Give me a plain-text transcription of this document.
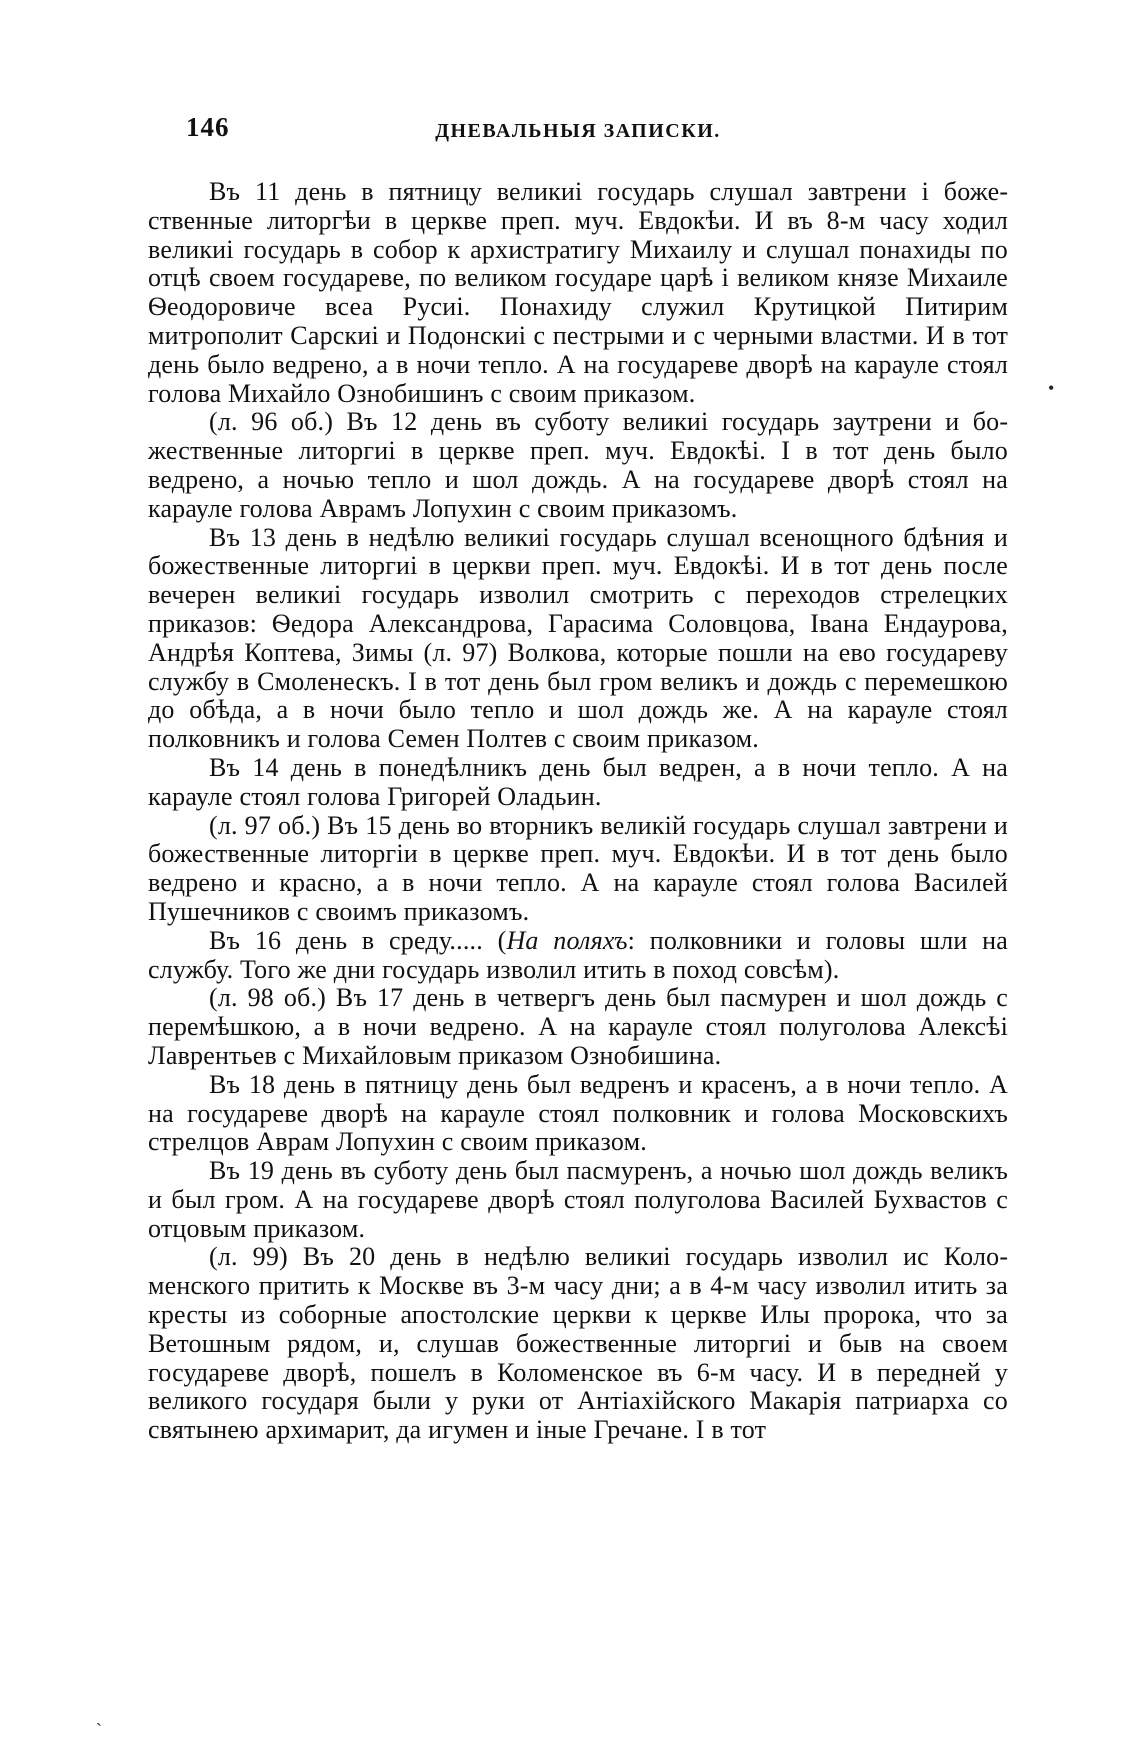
146	ДНЕВАЛЬНЫЯ ЗАПИСКИ.

Въ 11 день в пятницу великиі государь слушал завтрени і божественные литоргѣи в церкве преп. муч. Евдокѣи. И въ 8-м часу ходил великиі государь в собор к архистратигу Михаилу и слушал понахиды по отцѣ своем государеве, по великом государе царѣ і великом князе Михаиле Ѳеодоровиче всеа Русиі. Понахиду служил Крутицкой Питирим митрополит Сарскиі и Подонскиі с пестрыми и с черными властми. И в тот день было ведрено, а в ночи тепло. А на государеве дворѣ на карауле стоял голова Михайло Ознобишинъ с своим приказом.

(л. 96 об.) Въ 12 день въ суботу великиі государь заутрени и божественные литоргиі в церкве преп. муч. Евдокѣі. І в тот день было ведрено, а ночью тепло и шол дождь. А на государеве дворѣ стоял на карауле голова Аврамъ Лопухин с своим приказомъ.

Въ 13 день в недѣлю великиі государь слушал всенощного бдѣния и божественные литоргиі в церкви преп. муч. Евдокѣі. И в тот день после вечерен великиі государь изволил смотрить с переходов стрелецких приказов: Ѳедора Александрова, Гарасима Соловцова, Івана Ендаурова, Андрѣя Коптева, Зимы (л. 97) Волкова, которые пошли на ево государеву службу в Смоленескъ. І в тот день был гром великъ и дождь с перемешкою до обѣда, а в ночи было тепло и шол дождь же. А на карауле стоял полковникъ и голова Семен Полтев с своим приказом.

Въ 14 день в понедѣлникъ день был ведрен, а в ночи тепло. А на карауле стоял голова Григорей Оладьин.

(л. 97 об.) Въ 15 день во вторникъ великій государь слушал завтрени и божественные литоргіи в церкве преп. муч. Евдокѣи. И в тот день было ведрено и красно, а в ночи тепло. А на карауле стоял голова Василей Пушечников с своимъ приказомъ.

Въ 16 день в среду..... (На поляхъ: полковники и головы шли на службу. Того же дни государь изволил итить в поход совсѣм).

(л. 98 об.) Въ 17 день в четвергъ день был пасмурен и шол дождь с перемѣшкою, а в ночи ведрено. А на карауле стоял полуголова Алексѣі Лаврентьев с Михайловым приказом Ознобишина.

Въ 18 день в пятницу день был ведренъ и красенъ, а в ночи тепло. А на государеве дворѣ на карауле стоял полковник и голова Московскихъ стрелцов Аврам Лопухин с своим приказом.

Въ 19 день въ суботу день был пасмуренъ, а ночью шол дождь великъ и был гром. А на государеве дворѣ стоял полуголова Василей Бухвастов с отцовым приказом.

(л. 99) Въ 20 день в недѣлю великиі государь изволил ис Коломенского притить к Москве въ 3-м часу дни; а в 4-м часу изволил итить за кресты из соборные апостолские церкви к церкве Илы пророка, что за Ветошным рядом, и, слушав божественные литоргиі и быв на своем государеве дворѣ, пошелъ в Коломенское въ 6-м часу. И в передней у великого государя были у руки от Антіахійского Макарія патриарха со святынею архимарит, да игумен и іные Гречане. І в тот

•
ˎ
